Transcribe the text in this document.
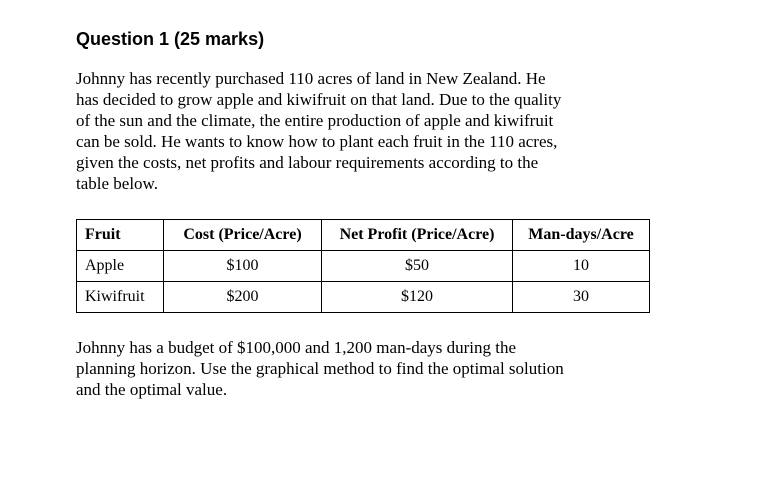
Question 1 (25 marks)

Johnny has recently purchased 110 acres of land in New Zealand. He
has decided to grow apple and kiwifruit on that land. Due to the quality
of the sun and the climate, the entire production of apple and kiwifruit
can be sold. He wants to know how to plant each fruit in the 110 acres,
given the costs, net profits and labour requirements according to the
table below.

Fruit	Cost (Price/Acre)	Net Profit (Price/Acre)	Man-days/Acre
Apple	$100	$50	10
Kiwifruit	$200	$120	30

Johnny has a budget of $100,000 and 1,200 man-days during the
planning horizon. Use the graphical method to find the optimal solution
and the optimal value.
